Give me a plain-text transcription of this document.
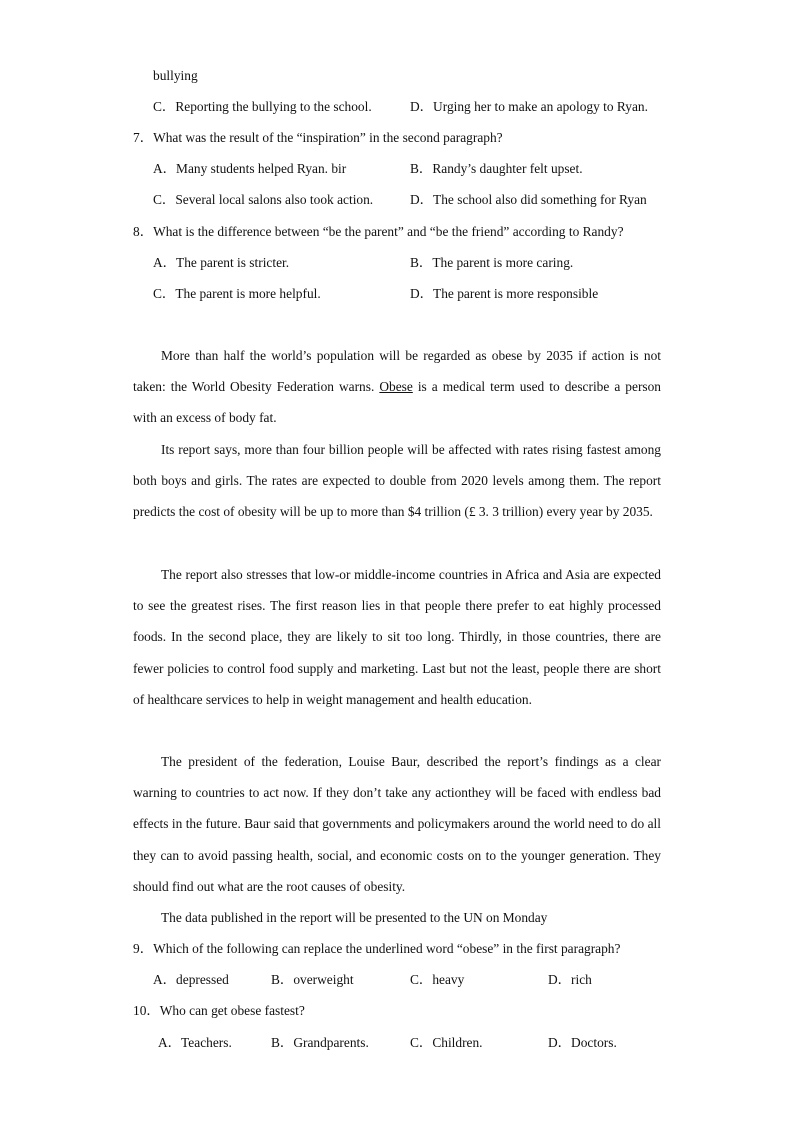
bullying
C．Reporting the bullying to the school.	D．Urging her to make an apology to Ryan.
7．What was the result of the “inspiration” in the second paragraph?
A．Many students helped Ryan. bir	B．Randy’s daughter felt upset.
C．Several local salons also took action.	D．The school also did something for Ryan
8．What is the difference between “be the parent” and “be the friend” according to Randy?
A．The parent is stricter.	B．The parent is more caring.
C．The parent is more helpful.	D．The parent is more responsible
More than half the world’s population will be regarded as obese by 2035 if action is not taken: the World Obesity Federation warns. Obese is a medical term used to describe a person with an excess of body fat.
Its report says, more than four billion people will be affected with rates rising fastest among both boys and girls. The rates are expected to double from 2020 levels among them. The report predicts the cost of obesity will be up to more than $4 trillion (£ 3. 3 trillion) every year by 2035.
The report also stresses that low-or middle-income countries in Africa and Asia are expected to see the greatest rises. The first reason lies in that people there prefer to eat highly processed foods. In the second place, they are likely to sit too long. Thirdly, in those countries, there are fewer policies to control food supply and marketing. Last but not the least, people there are short of healthcare services to help in weight management and health education.
The president of the federation, Louise Baur, described the report’s findings as a clear warning to countries to act now. If they don’t take any actionthey will be faced with endless bad effects in the future. Baur said that governments and policymakers around the world need to do all they can to avoid passing health, social, and economic costs on to the younger generation. They should find out what are the root causes of obesity.
The data published in the report will be presented to the UN on Monday
9．Which of the following can replace the underlined word “obese” in the first paragraph?
A．depressed	B．overweight	C．heavy	D．rich
10．Who can get obese fastest?
A．Teachers.	B．Grandparents.	C．Children.	D．Doctors.
